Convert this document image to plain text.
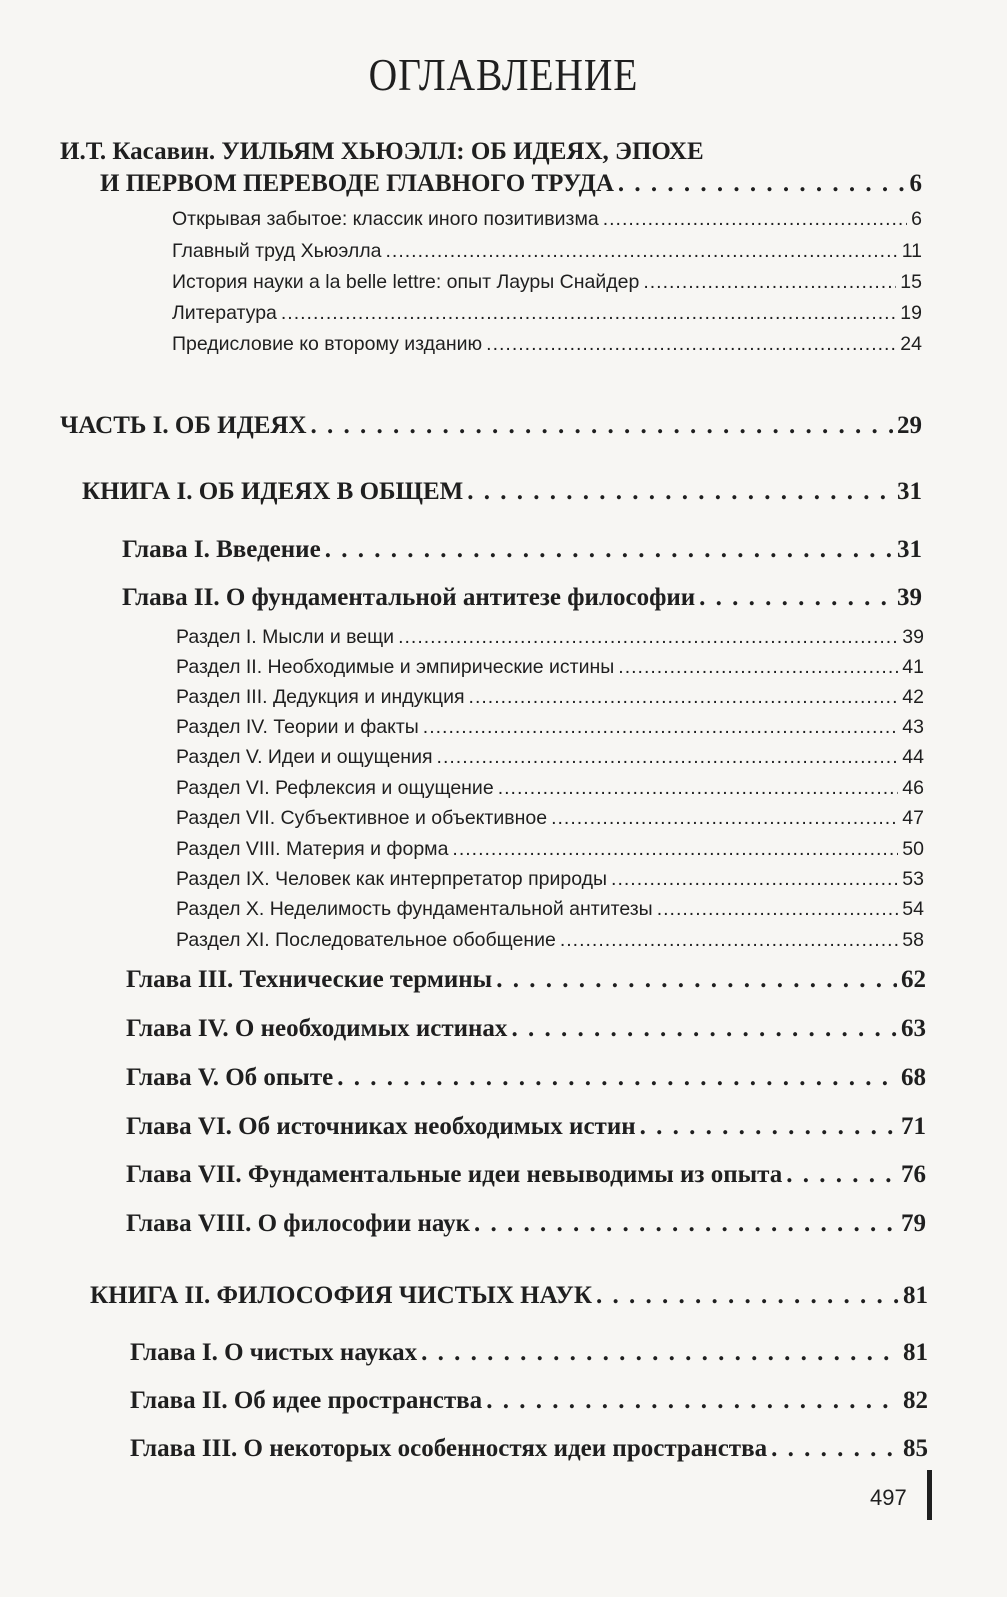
ОГЛАВЛЕНИЕ
И.Т. Касавин. УИЛЬЯМ ХЬЮЭЛЛ: ОБ ИДЕЯХ, ЭПОХЕ
И ПЕРВОМ ПЕРЕВОДЕ ГЛАВНОГО ТРУДА . . .	6
Открывая забытое: классик иного позитивизма .....	6
Главный труд Хьюэлла .....	11
История науки a la belle lettre: опыт Лауры Снайдер .....	15
Литература .....	19
Предисловие ко второму изданию .....	24
ЧАСТЬ I. ОБ ИДЕЯХ . . .	29
КНИГА I. ОБ ИДЕЯХ В ОБЩЕМ . . .	31
Глава I. Введение . . .	31
Глава II. О фундаментальной антитезе философии . . .	39
Раздел I. Мысли и вещи .....	39
Раздел II. Необходимые и эмпирические истины .....	41
Раздел III. Дедукция и индукция .....	42
Раздел IV. Теории и факты .....	43
Раздел V. Идеи и ощущения .....	44
Раздел VI. Рефлексия и ощущение .....	46
Раздел VII. Субъективное и объективное .....	47
Раздел VIII. Материя и форма .....	50
Раздел IX. Человек как интерпретатор природы .....	53
Раздел X. Неделимость фундаментальной антитезы .....	54
Раздел XI. Последовательное обобщение .....	58
Глава III. Технические термины . . .	62
Глава IV. О необходимых истинах . . .	63
Глава V. Об опыте . . .	68
Глава VI. Об источниках необходимых истин . . .	71
Глава VII. Фундаментальные идеи невыводимы из опыта . . .	76
Глава VIII. О философии наук . . .	79
КНИГА II. ФИЛОСОФИЯ ЧИСТЫХ НАУК . . .	81
Глава I. О чистых науках . . .	81
Глава II. Об идее пространства . . .	82
Глава III. О некоторых особенностях идеи пространства . . .	85
497
